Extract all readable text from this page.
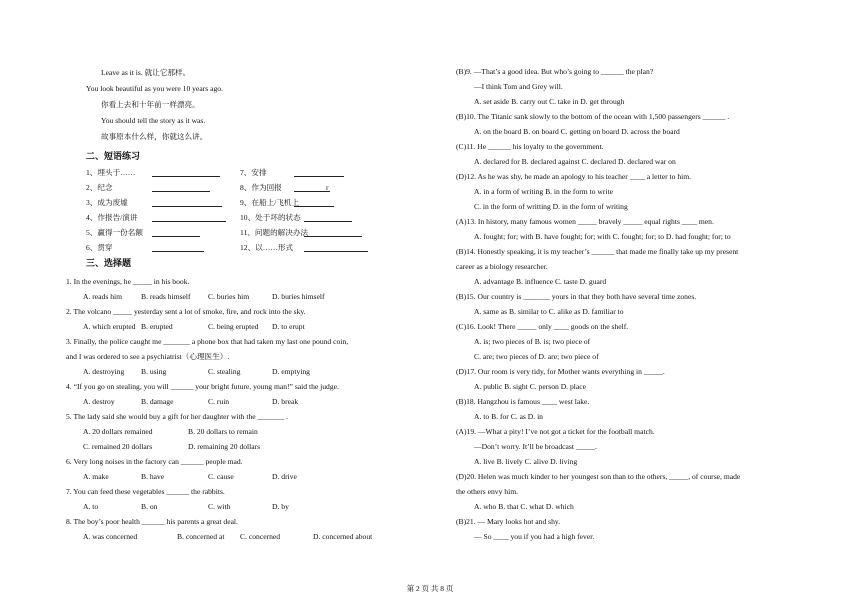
第 2 页 共 8 页
Leave as it is. 就让它那样。
You look beautiful as you were 10 years ago.
你看上去和十年前一样漂亮。
You should tell the story as it was.
故事原本什么样，你就这么讲。
二、短语练习
1、埋头于……
2、纪念
3、成为废墟
4、作报告/演讲
5、赢得一份名额
6、贯穿
7、安排
8、作为回报	r
9、在船上/飞机上
10、处于坏的状态
11、问题的解决办法
12、以……形式
三、选择题
1. In the evenings, he _____ in his book.
A. reads him B. reads himself C. buries him	D. buries himself
2. The volcano _____ yesterday sent a lot of smoke, fire, and rock into the sky.
A. which erupted B. erupted	C. being erupted D. to erupt
3. Finally, the police caught me _______ a phone box that had taken my last one pound coin,
and I was ordered to see a psychiatrist（心理医生）.
A. destroying B. using	C. stealing	D. emptying
4. “If you go on stealing, you will ______ your bright future, young man!” said the judge.
A. destroy	B. damage	C. ruin	D. break
5. The lady said she would buy a gift for her daughter with the _______ .
A. 20 dollars remained	B. 20 dollars to remain
C. remained 20 dollars	D. remaining 20 dollars
6. Very long noises in the factory can ______ people mad.
A. make	B. have	C. cause	D. drive
7. You can feed these vegetables ______ the rabbits.
A. to	B. on	C. with	D. by
8. The boy’s poor health ______ his parents a great deal.
A. was concerned	B. concerned at C. concerned	D. concerned about
(B)9. —That’s a good idea. But who’s going to ______ the plan?
—I think Tom and Grey will.
A. set aside B. carry out C. take in D. get through
(B)10. The Titanic sank slowly to the bottom of the ocean with 1,500 passengers ______ .
A. on the board B. on board C. getting on board D. across the board
(C)11. He ______ his loyalty to the government.
A. declared for B. declared against C. declared D. declared war on
(D)12. As he was shy, he made an apology to his teacher ____ a letter to him.
A. in a form of writing B. in the form to write
C. in the form of writting D. in the form of writing
(A)13. In history, many famous women _____ bravely _____ equal rights ____ men.
A. fought; for; with B. have fought; for; with C. fought; for; to D. had fought; for; to
(B)14. Honestly speaking, it is my teacher’s ______ that made me finally take up my present
career as a biology researcher.
A. advantage B. influence C. taste D. guard
(B)15. Our country is _______ yours in that they both have several time zones.
A. same as B. similar to C. alike as D. familiar to
(C)16. Look! There _____ only ____ goods on the shelf.
A. is; two pieces of B. is; two piece of
C. are; two pieces of D. are; two piece of
(D)17. Our room is very tidy, for Mother wants everything in _____.
A. public B. sight C. person D. place
(B)18. Hangzhou is famous ____ west lake.
A. to B. for C. as D. in
(A)19. —What a pity! I’ve not got a ticket for the football match.
—Don’t worry. It’ll be broadcast _____.
A. live B. lively C. alive D. living
(D)20. Helen was much kinder to her youngest son than to the others, _____, of course, made
the others envy him.
A. who B. that C. what D. which
(B)21. — Mary looks hot and shy.
— So ____ you if you had a high fever.
